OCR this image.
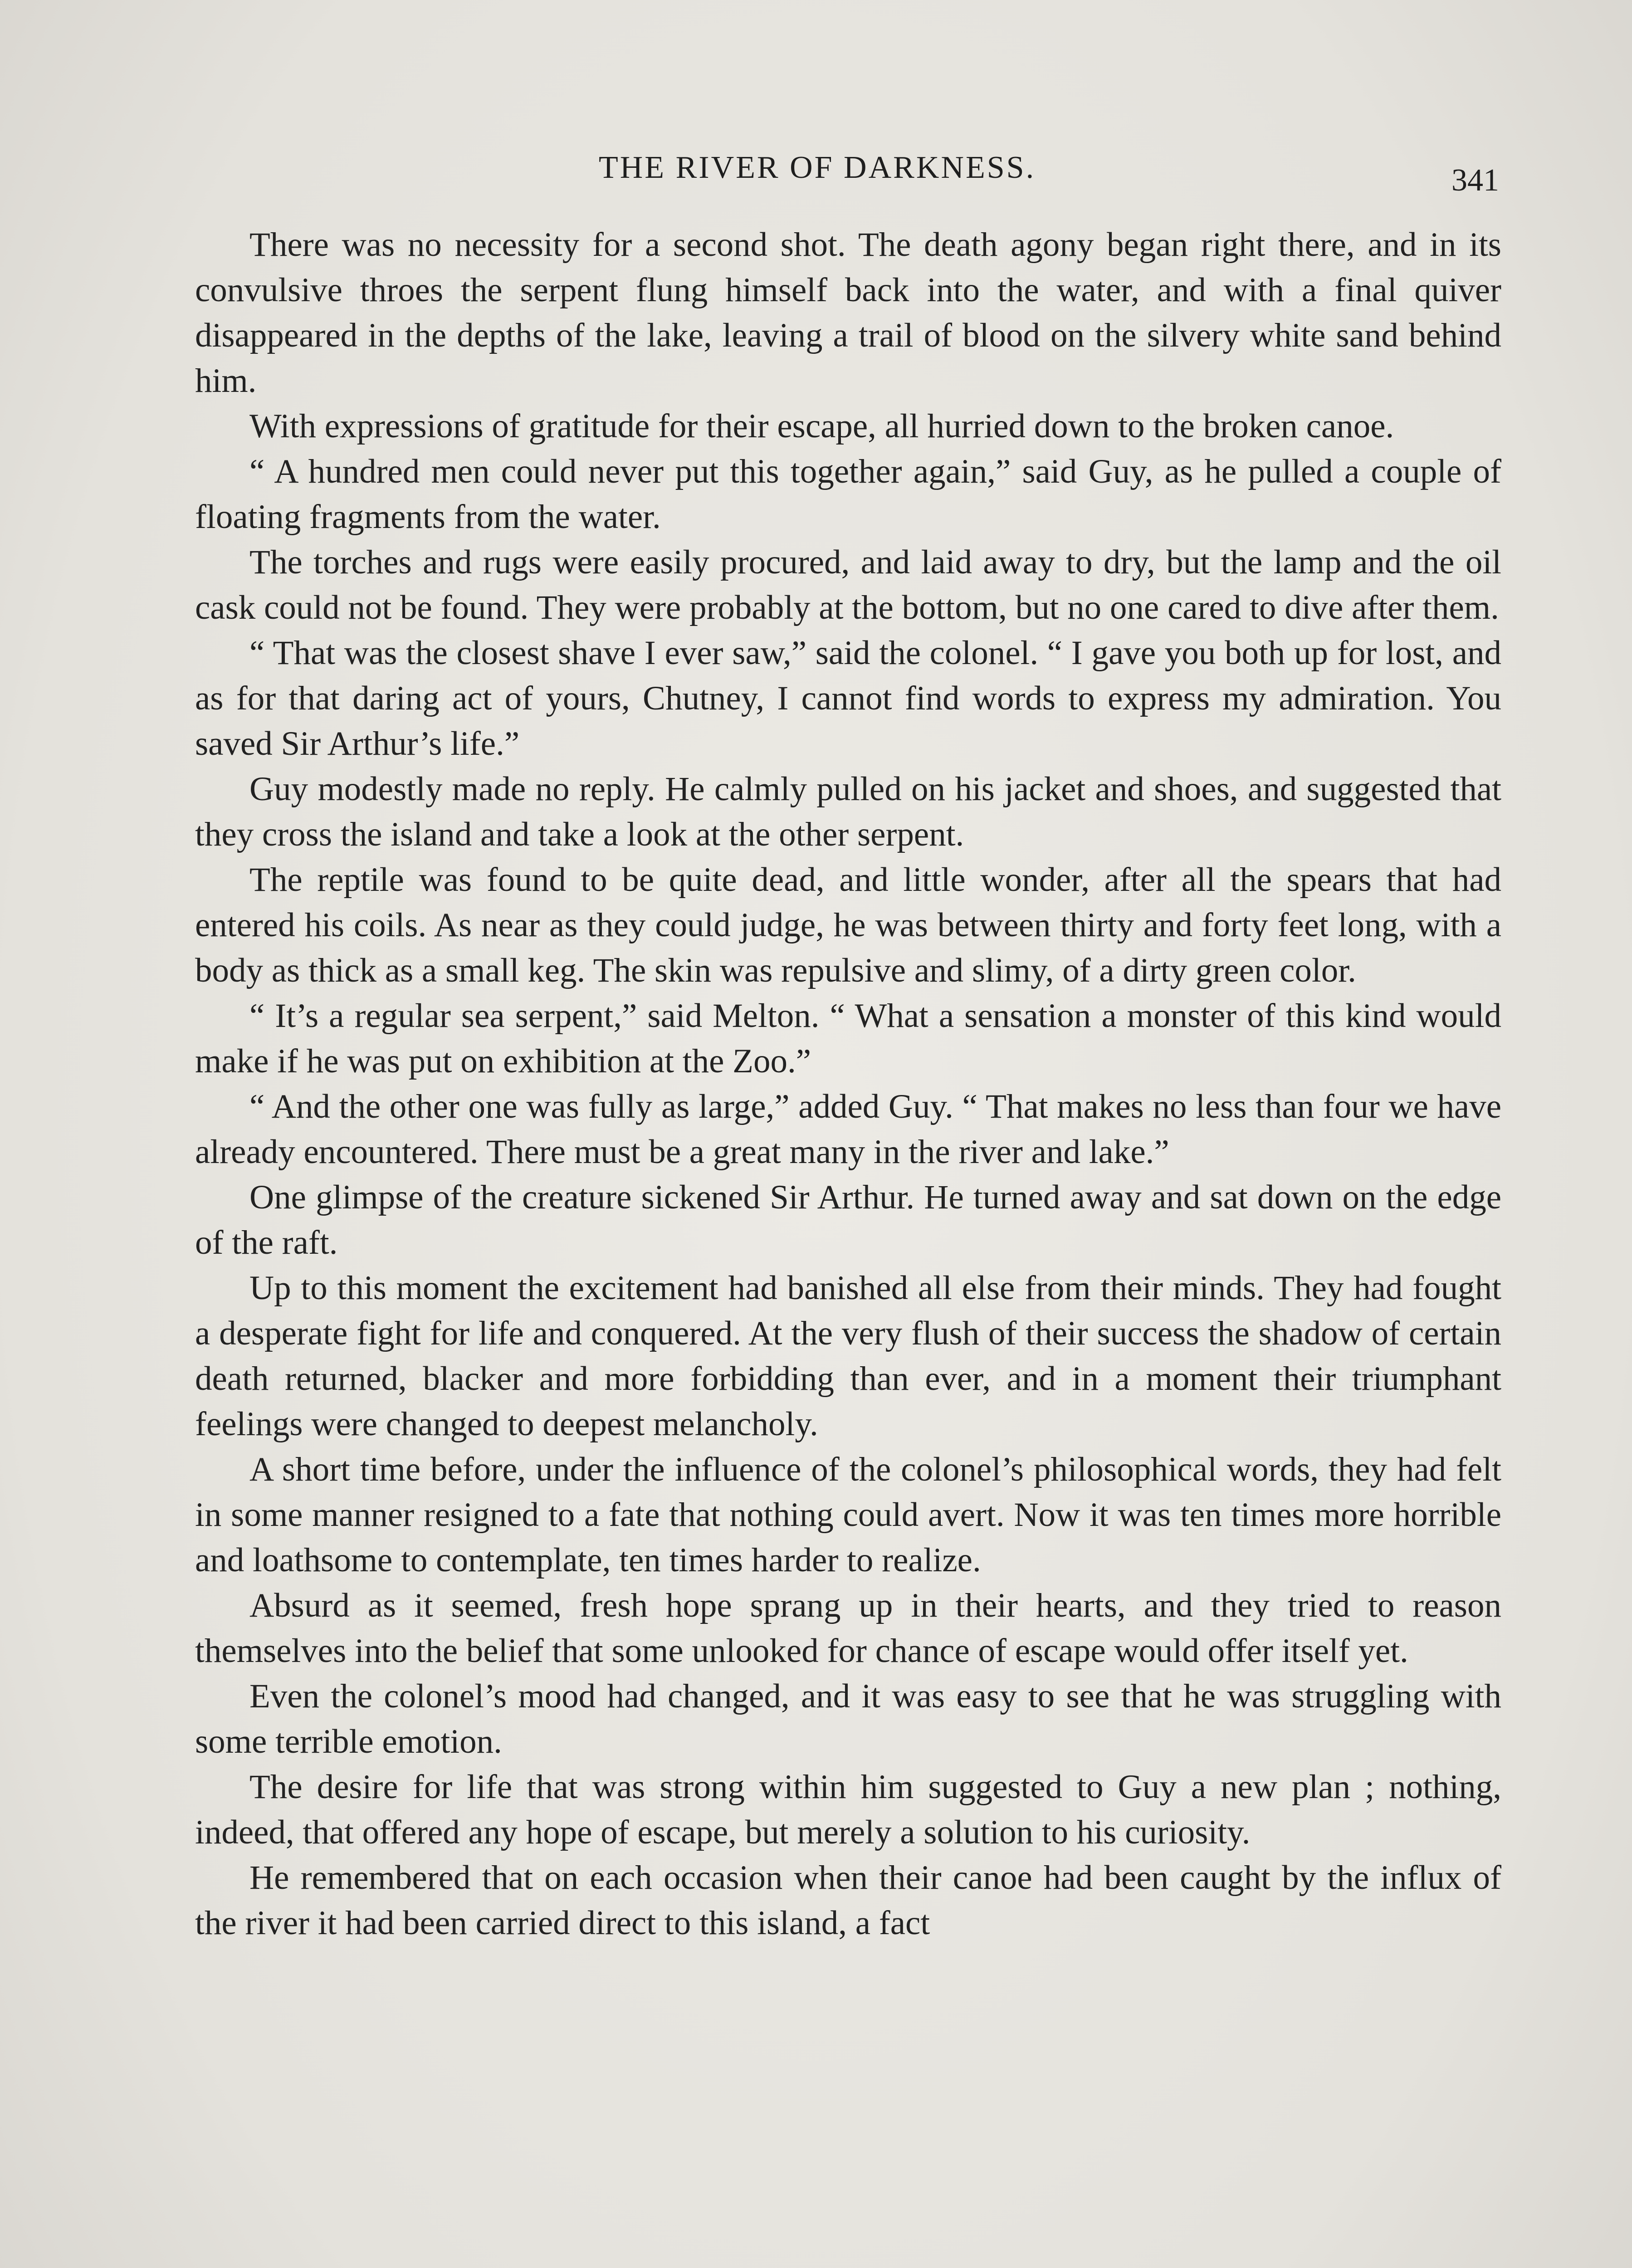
THE RIVER OF DARKNESS.	341

There was no necessity for a second shot. The death agony began right there, and in its convulsive throes the serpent flung himself back into the water, and with a final quiver disappeared in the depths of the lake, leaving a trail of blood on the silvery white sand behind him.

With expressions of gratitude for their escape, all hurried down to the broken canoe.

“ A hundred men could never put this together again,” said Guy, as he pulled a couple of floating fragments from the water.

The torches and rugs were easily procured, and laid away to dry, but the lamp and the oil cask could not be found. They were probably at the bottom, but no one cared to dive after them.

“ That was the closest shave I ever saw,” said the colonel. “ I gave you both up for lost, and as for that daring act of yours, Chutney, I cannot find words to express my admiration. You saved Sir Arthur’s life.”

Guy modestly made no reply. He calmly pulled on his jacket and shoes, and suggested that they cross the island and take a look at the other serpent.

The reptile was found to be quite dead, and little wonder, after all the spears that had entered his coils. As near as they could judge, he was between thirty and forty feet long, with a body as thick as a small keg. The skin was repulsive and slimy, of a dirty green color.

“ It’s a regular sea serpent,” said Melton. “ What a sensation a monster of this kind would make if he was put on exhibition at the Zoo.”

“ And the other one was fully as large,” added Guy. “ That makes no less than four we have already encountered. There must be a great many in the river and lake.”

One glimpse of the creature sickened Sir Arthur. He turned away and sat down on the edge of the raft.

Up to this moment the excitement had banished all else from their minds. They had fought a desperate fight for life and conquered. At the very flush of their success the shadow of certain death returned, blacker and more forbidding than ever, and in a moment their triumphant feelings were changed to deepest melancholy.

A short time before, under the influence of the colonel’s philosophical words, they had felt in some manner resigned to a fate that nothing could avert. Now it was ten times more horrible and loathsome to contemplate, ten times harder to realize.

Absurd as it seemed, fresh hope sprang up in their hearts, and they tried to reason themselves into the belief that some unlooked for chance of escape would offer itself yet.

Even the colonel’s mood had changed, and it was easy to see that he was struggling with some terrible emotion.

The desire for life that was strong within him suggested to Guy a new plan ; nothing, indeed, that offered any hope of escape, but merely a solution to his curiosity.

He remembered that on each occasion when their canoe had been caught by the influx of the river it had been carried direct to this island, a fact
